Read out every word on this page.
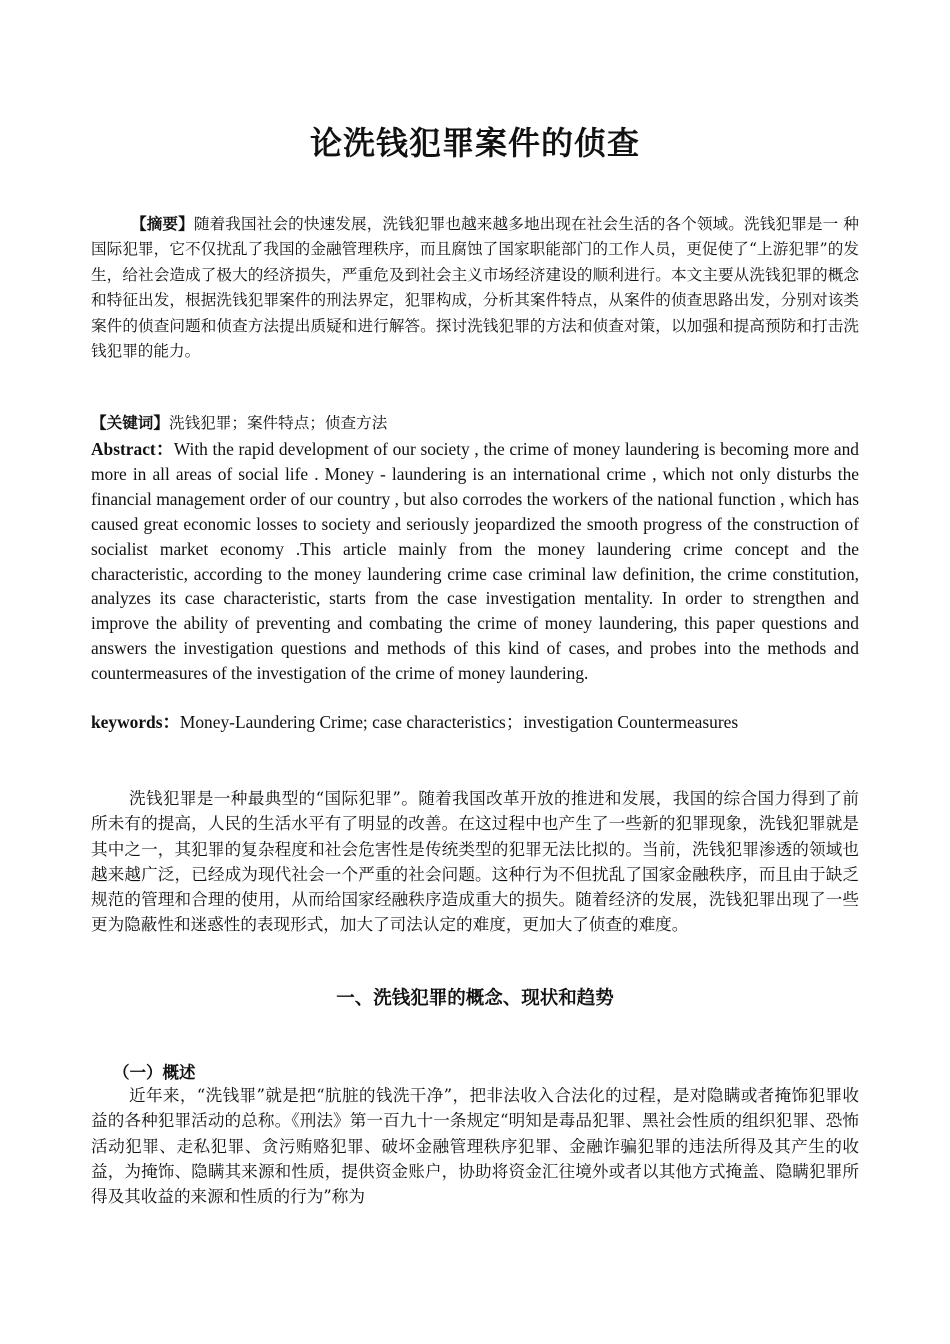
论洗钱犯罪案件的侦查

【摘要】随着我国社会的快速发展，洗钱犯罪也越来越多地出现在社会生活的各个领域。洗钱犯罪是一 种国际犯罪，它不仅扰乱了我国的金融管理秩序，而且腐蚀了国家职能部门的工作人员，更促使了“上游犯罪”的发生，给社会造成了极大的经济损失，严重危及到社会主义市场经济建设的顺利进行。本文主要从洗钱犯罪的概念和特征出发，根据洗钱犯罪案件的刑法界定，犯罪构成，分析其案件特点，从案件的侦查思路出发，分别对该类案件的侦查问题和侦查方法提出质疑和进行解答。探讨洗钱犯罪的方法和侦查对策，以加强和提高预防和打击洗钱犯罪的能力。

【关键词】洗钱犯罪；案件特点；侦查方法

Abstract：With the rapid development of our society , the crime of money laundering is becoming more and more in all areas of social life . Money - laundering is an international crime , which not only disturbs the financial management order of our country , but also corrodes the workers of the national function , which has caused great economic losses to society and seriously jeopardized the smooth progress of the construction of socialist market economy .This article mainly from the money laundering crime concept and the characteristic, according to the money laundering crime case criminal law definition, the crime constitution, analyzes its case characteristic, starts from the case investigation mentality. In order to strengthen and improve the ability of preventing and combating the crime of money laundering, this paper questions and answers the investigation questions and methods of this kind of cases, and probes into the methods and countermeasures of the investigation of the crime of money laundering.

keywords：Money-Laundering Crime; case characteristics；investigation Countermeasures

洗钱犯罪是一种最典型的“国际犯罪”。随着我国改革开放的推进和发展，我国的综合国力得到了前所未有的提高，人民的生活水平有了明显的改善。在这过程中也产生了一些新的犯罪现象，洗钱犯罪就是其中之一，其犯罪的复杂程度和社会危害性是传统类型的犯罪无法比拟的。当前，洗钱犯罪渗透的领域也越来越广泛，已经成为现代社会一个严重的社会问题。这种行为不但扰乱了国家金融秩序，而且由于缺乏规范的管理和合理的使用，从而给国家经融秩序造成重大的损失。随着经济的发展，洗钱犯罪出现了一些更为隐蔽性和迷惑性的表现形式，加大了司法认定的难度，更加大了侦查的难度。

一、洗钱犯罪的概念、现状和趋势
（一）概述

近年来，“洗钱罪”就是把“肮脏的钱洗干净”，把非法收入合法化的过程，是对隐瞒或者掩饰犯罪收益的各种犯罪活动的总称。《刑法》第一百九十一条规定“明知是毒品犯罪、黑社会性质的组织犯罪、恐怖活动犯罪、走私犯罪、贪污贿赂犯罪、破坏金融管理秩序犯罪、金融诈骗犯罪的违法所得及其产生的收益，为掩饰、隐瞒其来源和性质，提供资金账户，协助将资金汇往境外或者以其他方式掩盖、隐瞒犯罪所得及其收益的来源和性质的行为”称为
